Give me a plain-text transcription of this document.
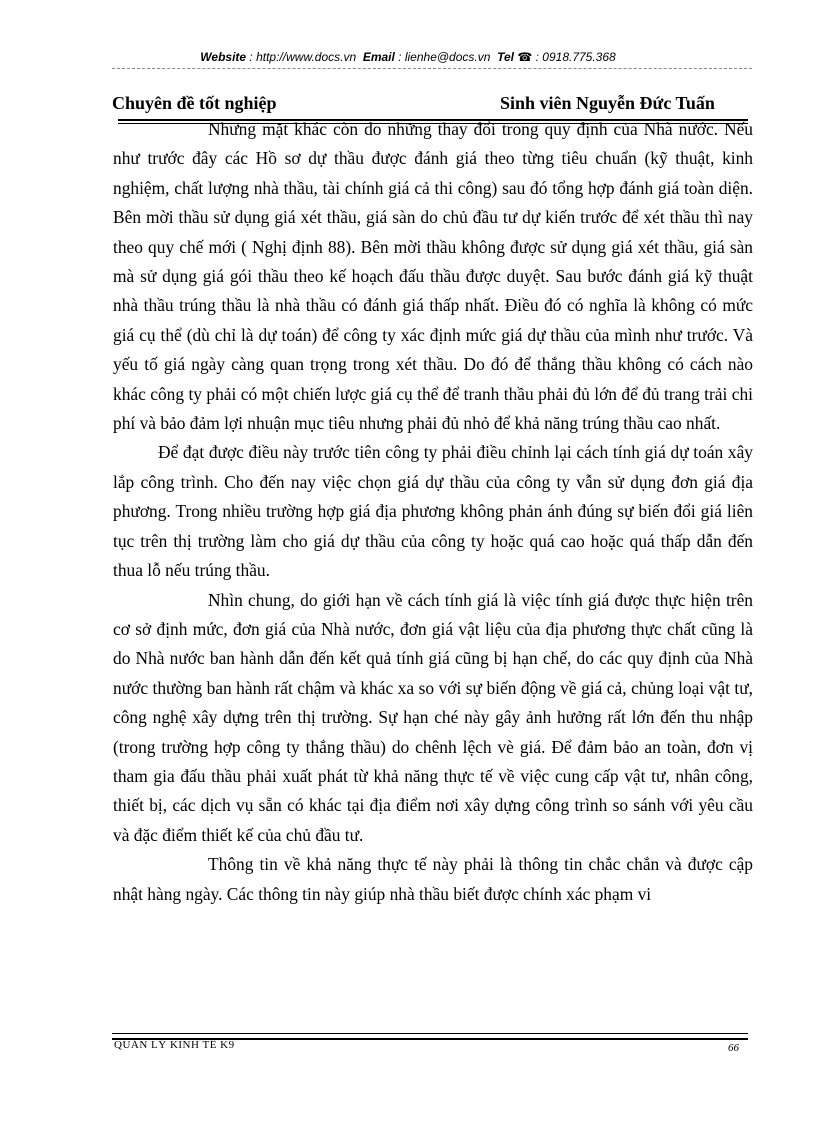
Website : http://www.docs.vn Email : lienhe@docs.vn Tel ☎ : 0918.775.368
Chuyên đề tốt nghiệp	Sinh viên Nguyễn Đức Tuấn

Nhưng mặt khác còn do những thay đổi trong quy định của Nhà nước. Nếu như trước đây các Hồ sơ dự thầu được đánh giá theo từng tiêu chuẩn (kỹ thuật, kinh nghiệm, chất lượng nhà thầu, tài chính giá cả thi công) sau đó tổng hợp đánh giá toàn diện. Bên mời thầu sử dụng giá xét thầu, giá sàn do chủ đầu tư dự kiến trước để xét thầu thì nay theo quy chế mới ( Nghị định 88). Bên mời thầu không được sử dụng giá xét thầu, giá sàn mà sử dụng giá gói thầu theo kế hoạch đấu thầu được duyệt. Sau bước đánh giá kỹ thuật nhà thầu trúng thầu là nhà thầu có đánh giá thấp nhất. Điều đó có nghĩa là không có mức giá cụ thể (dù chỉ là dự toán) để công ty xác định mức giá dự thầu của mình như trước. Và yếu tố giá ngày càng quan trọng trong xét thầu. Do đó để thắng thầu không có cách nào khác công ty phải có một chiến lược giá cụ thể để tranh thầu phải đủ lớn để đủ trang trải chi phí và bảo đảm lợi nhuận mục tiêu nhưng phải đủ nhỏ để khả năng trúng thầu cao nhất.

Để đạt được điều này trước tiên công ty phải điều chỉnh lại cách tính giá dự toán xây lắp công trình. Cho đến nay việc chọn giá dự thầu của công ty vẫn sử dụng đơn giá địa phương. Trong nhiều trường hợp giá địa phương không phản ánh đúng sự biến đổi giá liên tục trên thị trường làm cho giá dự thầu của công ty hoặc quá cao hoặc quá thấp dẫn đến thua lỗ nếu trúng thầu.

Nhìn chung, do giới hạn về cách tính giá là việc tính giá được thực hiện trên cơ sở định mức, đơn giá của Nhà nước, đơn giá vật liệu của địa phương thực chất cũng là do Nhà nước ban hành dẫn đến kết quả tính giá cũng bị hạn chế, do các quy định của Nhà nước thường ban hành rất chậm và khác xa so với sự biến động về giá cả, chủng loại vật tư, công nghệ xây dựng trên thị trường. Sự hạn ché này gây ảnh hưởng rất lớn đến thu nhập (trong trường hợp công ty thắng thầu) do chênh lệch vè giá. Để đảm bảo an toàn, đơn vị tham gia đấu thầu phải xuất phát từ khả năng thực tế về việc cung cấp vật tư, nhân công, thiết bị, các dịch vụ sẵn có khác tại địa điểm nơi xây dựng công trình so sánh với yêu cầu và đặc điểm thiết kế của chủ đầu tư.

Thông tin về khả năng thực tế này phải là thông tin chắc chắn và được cập nhật hàng ngày. Các thông tin này giúp nhà thầu biết được chính xác phạm vi

QUẢN LÝ KINH TẾ K9	66
